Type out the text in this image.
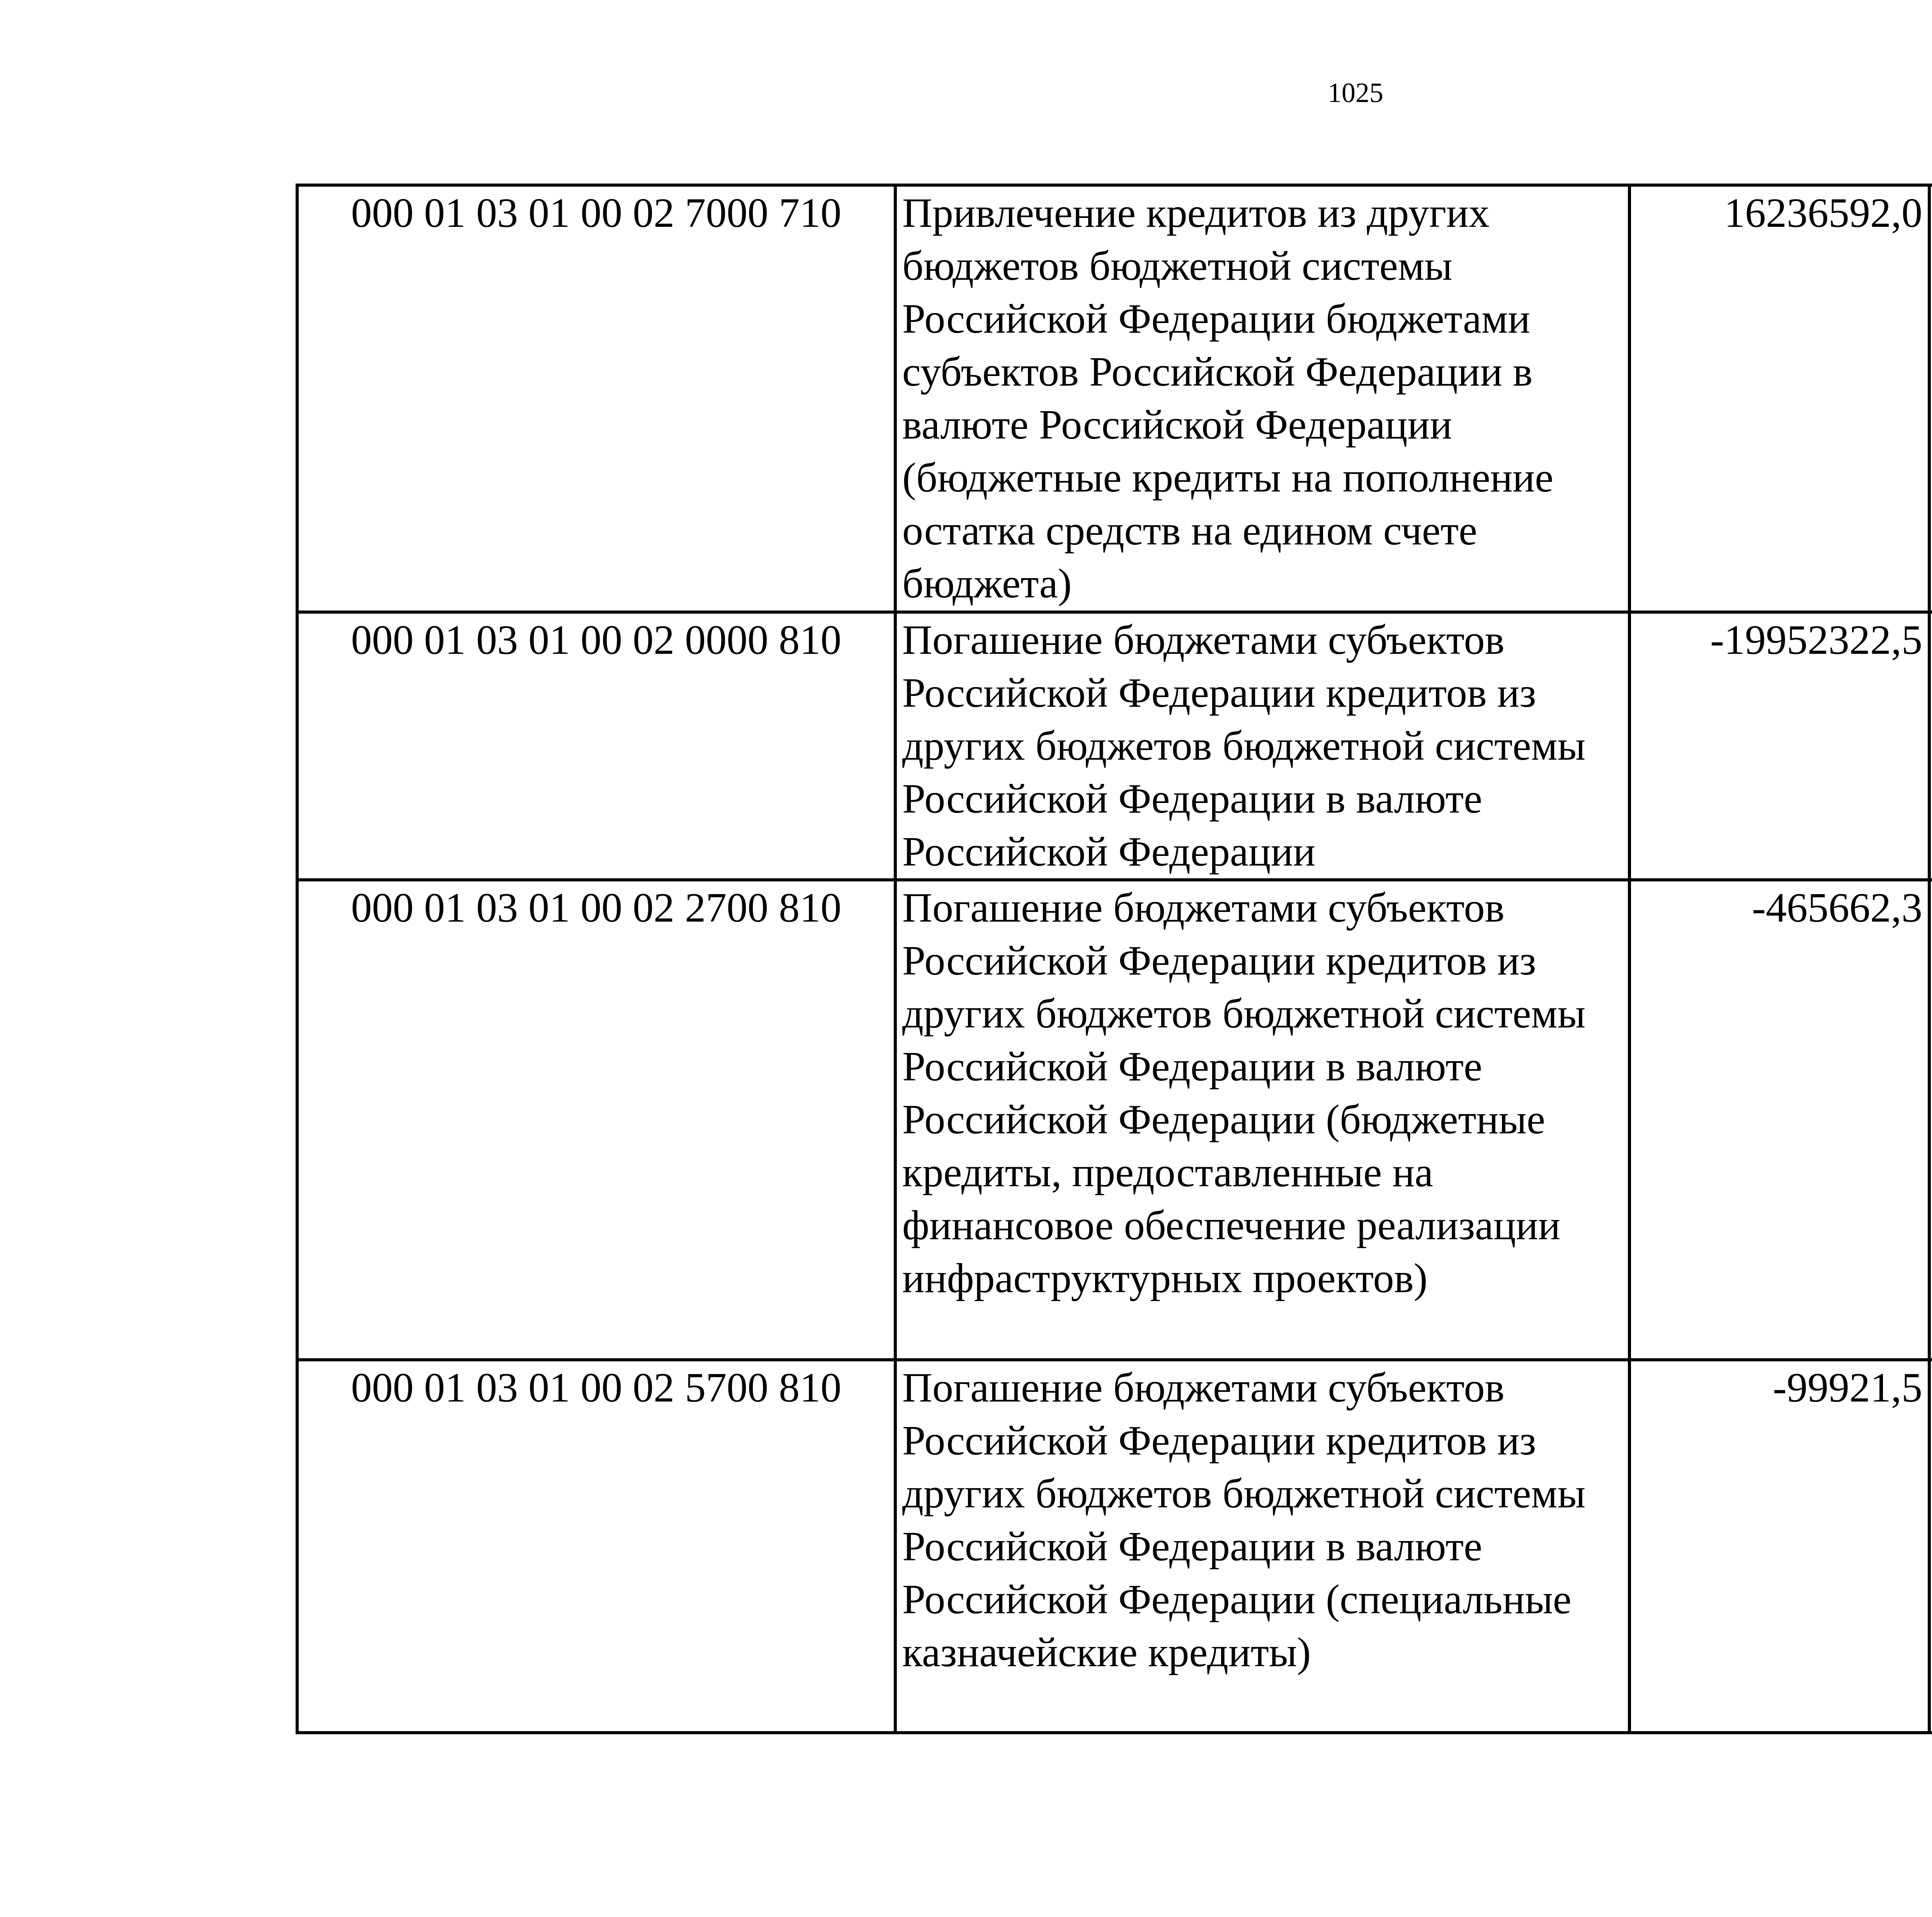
1025
000 01 03 01 00 02 7000 710	Привлечение кредитов из других бюджетов бюджетной системы Российской Федерации бюджетами субъектов Российской Федерации в валюте Российской Федерации (бюджетные кредиты на пополнение остатка средств на едином счете бюджета)	16236592,0		
000 01 03 01 00 02 0000 810	Погашение бюджетами субъектов Российской Федерации кредитов из других бюджетов бюджетной системы Российской Федерации в валюте Российской Федерации	-19952322,5		
000 01 03 01 00 02 2700 810	Погашение бюджетами субъектов Российской Федерации кредитов из других бюджетов бюджетной системы Российской Федерации в валюте Российской Федерации (бюджетные кредиты, предоставленные на финансовое обеспечение реализации инфраструктурных проектов)	-465662,3		
000 01 03 01 00 02 5700 810	Погашение бюджетами субъектов Российской Федерации кредитов из других бюджетов бюджетной системы Российской Федерации в валюте Российской Федерации (специальные казначейские кредиты)	-99921,5		
